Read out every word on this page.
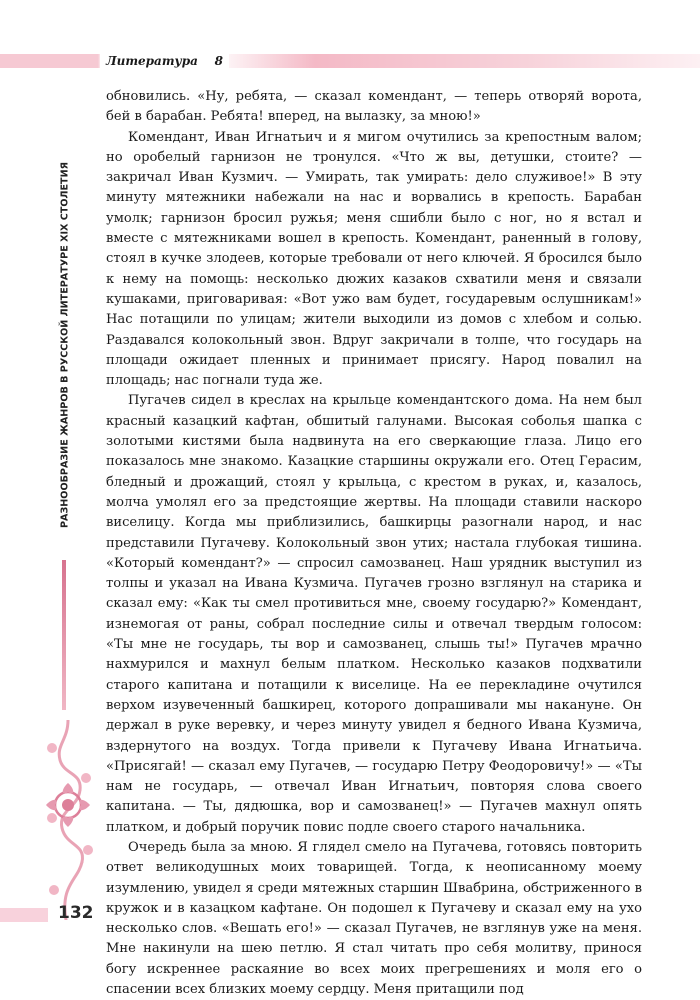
Литература 8
РАЗНООБРАЗИЕ ЖАНРОВ В РУССКОЙ ЛИТЕРАТУРЕ XIX СТОЛЕТИЯ
132

обновились. «Ну, ребята, — сказал комендант, — теперь отворяй ворота, бей в барабан. Ребята! вперед, на вылазку, за мною!»

Комендант, Иван Игнатьич и я мигом очутились за крепостным валом; но оробелый гарнизон не тронулся. «Что ж вы, детушки, стоите? — закричал Иван Кузмич. — Умирать, так умирать: дело служивое!» В эту минуту мятежники набежали на нас и ворвались в крепость. Барабан умолк; гарнизон бросил ружья; меня сшибли было с ног, но я встал и вместе с мятежниками вошел в крепость. Комендант, раненный в голову, стоял в кучке злодеев, которые требовали от него ключей. Я бросился было к нему на помощь: несколько дюжих казаков схватили меня и связали кушаками, приговаривая: «Вот ужо вам будет, государевым ослушникам!» Нас потащили по улицам; жители выходили из домов с хлебом и солью. Раздавался колокольный звон. Вдруг закричали в толпе, что государь на площади ожидает пленных и принимает присягу. Народ повалил на площадь; нас погнали туда же.

Пугачев сидел в креслах на крыльце комендантского дома. На нем был красный казацкий кафтан, обшитый галунами. Высокая соболья шапка с золотыми кистями была надвинута на его сверкающие глаза. Лицо его показалось мне знакомо. Казацкие старшины окружали его. Отец Герасим, бледный и дрожащий, стоял у крыльца, с крестом в руках, и, казалось, молча умолял его за предстоящие жертвы. На площади ставили наскоро виселицу. Когда мы приблизились, башкирцы разогнали народ, и нас представили Пугачеву. Колокольный звон утих; настала глубокая тишина. «Который комендант?» — спросил самозванец. Наш урядник выступил из толпы и указал на Ивана Кузмича. Пугачев грозно взглянул на старика и сказал ему: «Как ты смел противиться мне, своему государю?» Комендант, изнемогая от раны, собрал последние силы и отвечал твердым голосом: «Ты мне не государь, ты вор и самозванец, слышь ты!» Пугачев мрачно нахмурился и махнул белым платком. Несколько казаков подхватили старого капитана и потащили к виселице. На ее перекладине очутился верхом изувеченный башкирец, которого допрашивали мы накануне. Он держал в руке веревку, и через минуту увидел я бедного Ивана Кузмича, вздернутого на воздух. Тогда привели к Пугачеву Ивана Игнатьича. «Присягай! — сказал ему Пугачев, — государю Петру Феодоровичу!» — «Ты нам не государь, — отвечал Иван Игнатьич, повторяя слова своего капитана. — Ты, дядюшка, вор и самозванец!» — Пугачев махнул опять платком, и добрый поручик повис подле своего старого начальника.

Очередь была за мною. Я глядел смело на Пугачева, готовясь повторить ответ великодушных моих товарищей. Тогда, к неописанному моему изумлению, увидел я среди мятежных старшин Швабрина, обстриженного в кружок и в казацком кафтане. Он подошел к Пугачеву и сказал ему на ухо несколько слов. «Вешать его!» — сказал Пугачев, не взглянув уже на меня. Мне накинули на шею петлю. Я стал читать про себя молитву, принося богу искреннее раскаяние во всех моих прегрешениях и моля его о спасении всех близких моему сердцу. Меня притащили под
